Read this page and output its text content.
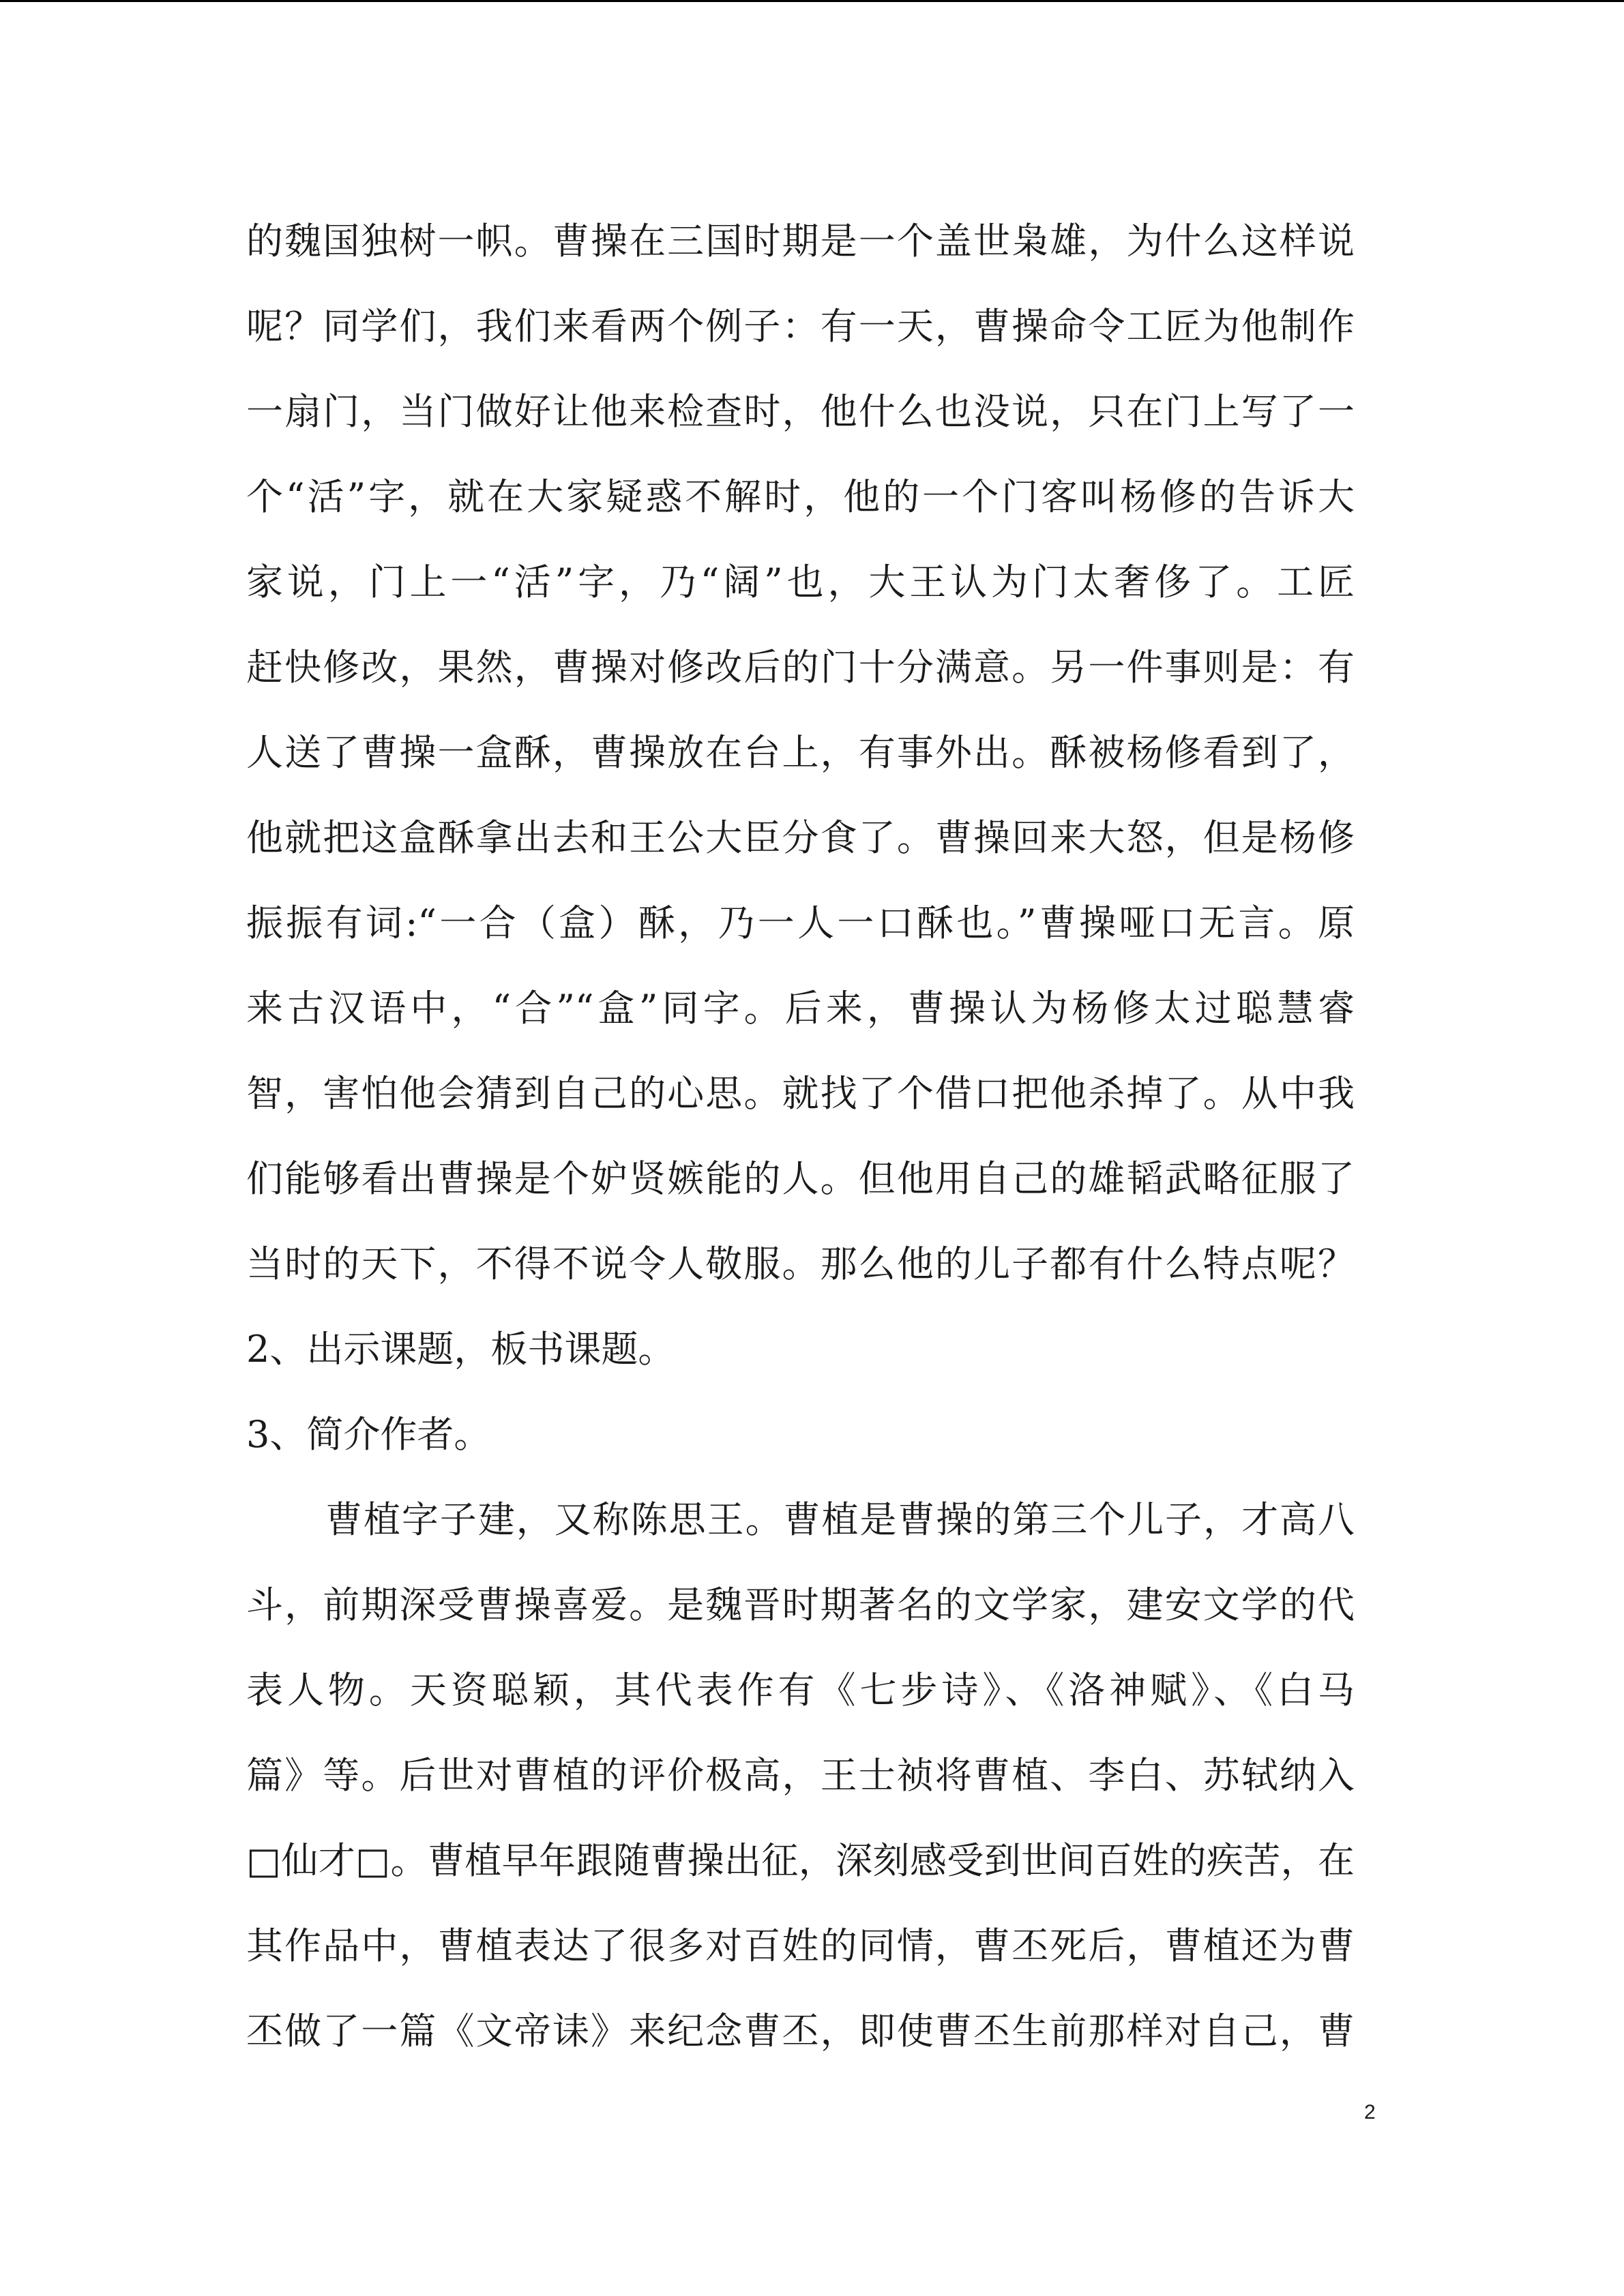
的魏国独树一帜。曹操在三国时期是一个盖世枭雄，为什么这样说
呢？同学们，我们来看两个例子：有一天，曹操命令工匠为他制作
一扇门，当门做好让他来检查时，他什么也没说，只在门上写了一
个“活”字，就在大家疑惑不解时，他的一个门客叫杨修的告诉大
家说，门上一“活”字，乃“阔”也，大王认为门太奢侈了。工匠
赶快修改，果然，曹操对修改后的门十分满意。另一件事则是：有
人送了曹操一盒酥，曹操放在台上，有事外出。酥被杨修看到了，
他就把这盒酥拿出去和王公大臣分食了。曹操回来大怒，但是杨修
振振有词:“一合（盒）酥，乃一人一口酥也。”曹操哑口无言。原
来古汉语中，“合”“盒”同字。后来，曹操认为杨修太过聪慧睿
智，害怕他会猜到自己的心思。就找了个借口把他杀掉了。从中我
们能够看出曹操是个妒贤嫉能的人。但他用自己的雄韬武略征服了
当时的天下，不得不说令人敬服。那么他的儿子都有什么特点呢？
2、出示课题，板书课题。
3、简介作者。
曹植字子建，又称陈思王。曹植是曹操的第三个儿子，才高八
斗，前期深受曹操喜爱。是魏晋时期著名的文学家，建安文学的代
表人物。天资聪颖，其代表作有《七步诗》、《洛神赋》、《白马
篇》等。后世对曹植的评价极高，王士祯将曹植、李白、苏轼纳入
□仙才□。曹植早年跟随曹操出征，深刻感受到世间百姓的疾苦，在
其作品中，曹植表达了很多对百姓的同情，曹丕死后，曹植还为曹
丕做了一篇《文帝诔》来纪念曹丕，即使曹丕生前那样对自己，曹
2
